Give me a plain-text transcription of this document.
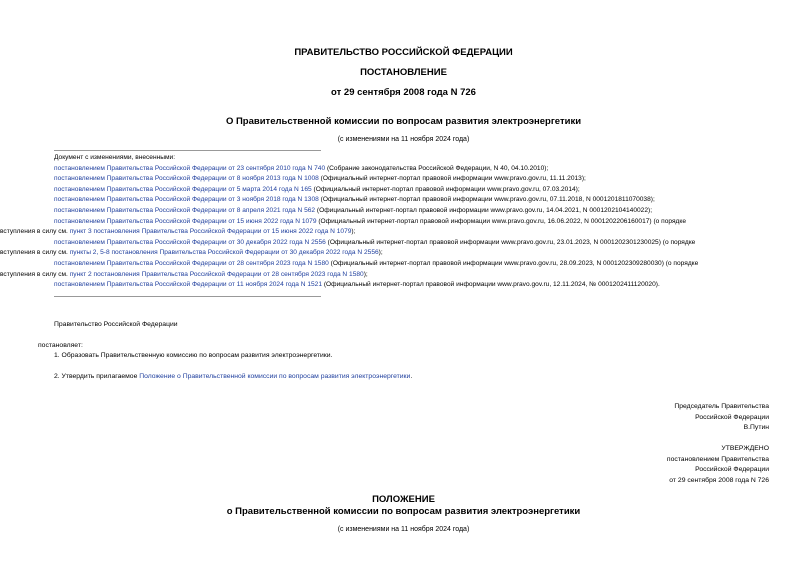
ПРАВИТЕЛЬСТВО РОССИЙСКОЙ ФЕДЕРАЦИИ
ПОСТАНОВЛЕНИЕ
от 29 сентября 2008 года N 726
О Правительственной комиссии по вопросам развития электроэнергетики
(с изменениями на 11 ноября 2024 года)
Документ с изменениями, внесенными:
постановлением Правительства Российской Федерации от 23 сентября 2010 года N 740 (Собрание законодательства Российской Федерации, N 40, 04.10.2010);
постановлением Правительства Российской Федерации от 8 ноября 2013 года N 1008 (Официальный интернет-портал правовой информации www.pravo.gov.ru, 11.11.2013);
постановлением Правительства Российской Федерации от 5 марта 2014 года N 165 (Официальный интернет-портал правовой информации www.pravo.gov.ru, 07.03.2014);
постановлением Правительства Российской Федерации от 3 ноября 2018 года N 1308 (Официальный интернет-портал правовой информации www.pravo.gov.ru, 07.11.2018, N 0001201811070038);
постановлением Правительства Российской Федерации от 8 апреля 2021 года N 562 (Официальный интернет-портал правовой информации www.pravo.gov.ru, 14.04.2021, N 0001202104140022);
постановлением Правительства Российской Федерации от 15 июня 2022 года N 1079 (Официальный интернет-портал правовой информации www.pravo.gov.ru, 16.06.2022, N 0001202206160017) (о порядке
вступления в силу см. пункт 3 постановления Правительства Российской Федерации от 15 июня 2022 года N 1079);
постановлением Правительства Российской Федерации от 30 декабря 2022 года N 2556 (Официальный интернет-портал правовой информации www.pravo.gov.ru, 23.01.2023, N 0001202301230025) (о порядке
вступления в силу см. пункты 2, 5-8 постановления Правительства Российской Федерации от 30 декабря 2022 года N 2556);
постановлением Правительства Российской Федерации от 28 сентября 2023 года N 1580 (Официальный интернет-портал правовой информации www.pravo.gov.ru, 28.09.2023, N 0001202309280030) (о порядке
вступления в силу см. пункт 2 постановления Правительства Российской Федерации от 28 сентября 2023 года N 1580);
постановлением Правительства Российской Федерации от 11 ноября 2024 года N 1521 (Официальный интернет-портал правовой информации www.pravo.gov.ru, 12.11.2024, № 0001202411120020).
Правительство Российской Федерации
постановляет:
1. Образовать Правительственную комиссию по вопросам развития электроэнергетики.
2. Утвердить прилагаемое Положение о Правительственной комиссии по вопросам развития электроэнергетики.
Председатель Правительства
Российской Федерации
В.Путин
УТВЕРЖДЕНО
постановлением Правительства
Российской Федерации
от 29 сентября 2008 года N 726
ПОЛОЖЕНИЕ
о Правительственной комиссии по вопросам развития электроэнергетики
(с изменениями на 11 ноября 2024 года)
